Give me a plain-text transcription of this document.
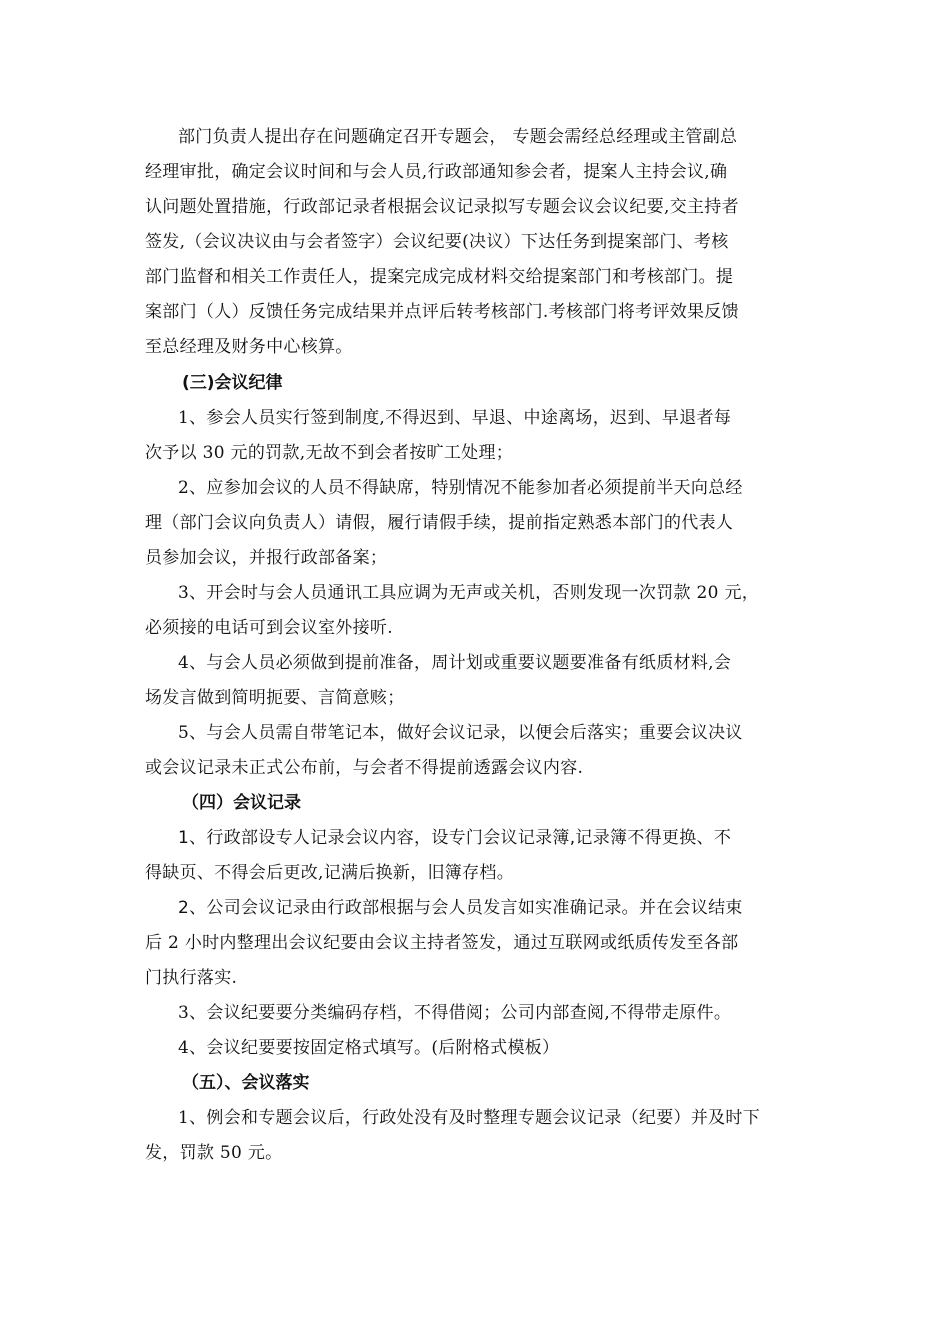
部门负责人提出存在问题确定召开专题会， 专题会需经总经理或主管副总
经理审批，确定会议时间和与会人员,行政部通知参会者，提案人主持会议,确
认问题处置措施，行政部记录者根据会议记录拟写专题会议会议纪要,交主持者
签发,（会议决议由与会者签字）会议纪要(决议）下达任务到提案部门、考核
部门监督和相关工作责任人，提案完成完成材料交给提案部门和考核部门。提
案部门（人）反馈任务完成结果并点评后转考核部门.考核部门将考评效果反馈
至总经理及财务中心核算。
(三)会议纪律
1、参会人员实行签到制度,不得迟到、早退、中途离场，迟到、早退者每
次予以 30 元的罚款,无故不到会者按旷工处理；
2、应参加会议的人员不得缺席，特别情况不能参加者必须提前半天向总经
理（部门会议向负责人）请假，履行请假手续，提前指定熟悉本部门的代表人
员参加会议，并报行政部备案；
3、开会时与会人员通讯工具应调为无声或关机，否则发现一次罚款 20 元，
必须接的电话可到会议室外接听.
4、与会人员必须做到提前准备，周计划或重要议题要准备有纸质材料,会
场发言做到简明扼要、言简意赅；
5、与会人员需自带笔记本，做好会议记录，以便会后落实；重要会议决议
或会议记录未正式公布前，与会者不得提前透露会议内容.
（四）会议记录
1、行政部设专人记录会议内容，设专门会议记录簿,记录簿不得更换、不
得缺页、不得会后更改,记满后换新，旧簿存档。
2、公司会议记录由行政部根据与会人员发言如实准确记录。并在会议结束
后 2 小时内整理出会议纪要由会议主持者签发，通过互联网或纸质传发至各部
门执行落实.
3、会议纪要要分类编码存档，不得借阅；公司内部查阅,不得带走原件。
4、会议纪要要按固定格式填写。(后附格式模板）
（五）、会议落实
1、例会和专题会议后，行政处没有及时整理专题会议记录（纪要）并及时下
发，罚款 50 元。
